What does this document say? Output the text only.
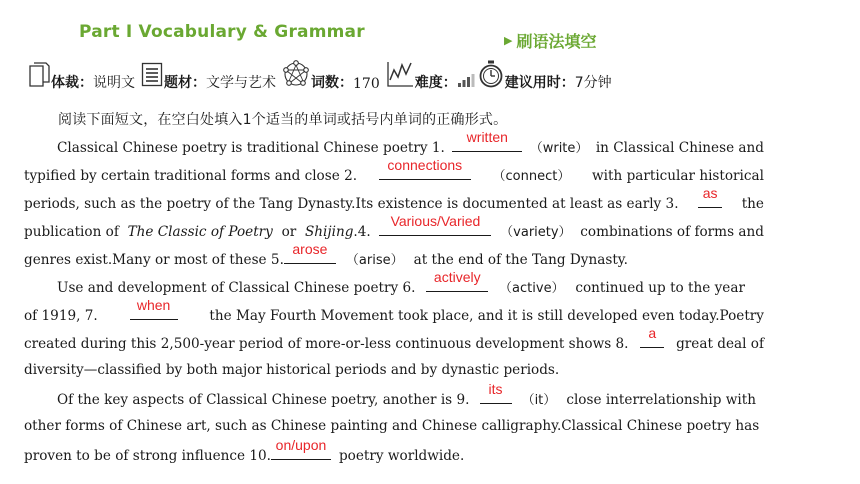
Part Ⅰ Vocabulary & Grammar	▶ 刷语法填空
体裁： 说明文 题材： 文学与艺术	词数： 170	难度：	建议用时： 7分钟
阅读下面短文，在空白处填入1个适当的单词或括号内单词的正确形式。
Classical Chinese poetry is traditional Chinese poetry 1.
written
（write） in Classical Chinese and
typified by certain traditional forms and close 2.
connections
（connect） with particular historical
periods, such as the poetry of the Tang Dynasty.Its existence is documented at least as early 3.
as
the
publication of The Classic of Poetry or Shijing.4.
Various/Varied
（variety） combinations of forms and
genres exist.Many or most of these 5.
arose
（arise） at the end of the Tang Dynasty.
Use and development of Classical Chinese poetry 6.
actively
（active） continued up to the year
of 1919, 7.
when
the May Fourth Movement took place, and it is still developed even today.Poetry
created during this 2,500-year period of more-or-less continuous development shows 8.
a
great deal of
diversity—classified by both major historical periods and by dynastic periods.
Of the key aspects of Classical Chinese poetry, another is 9.
its
（it） close interrelationship with
other forms of Chinese art, such as Chinese painting and Chinese calligraphy.Classical Chinese poetry has
proven to be of strong influence 10.
on/upon
poetry worldwide.
